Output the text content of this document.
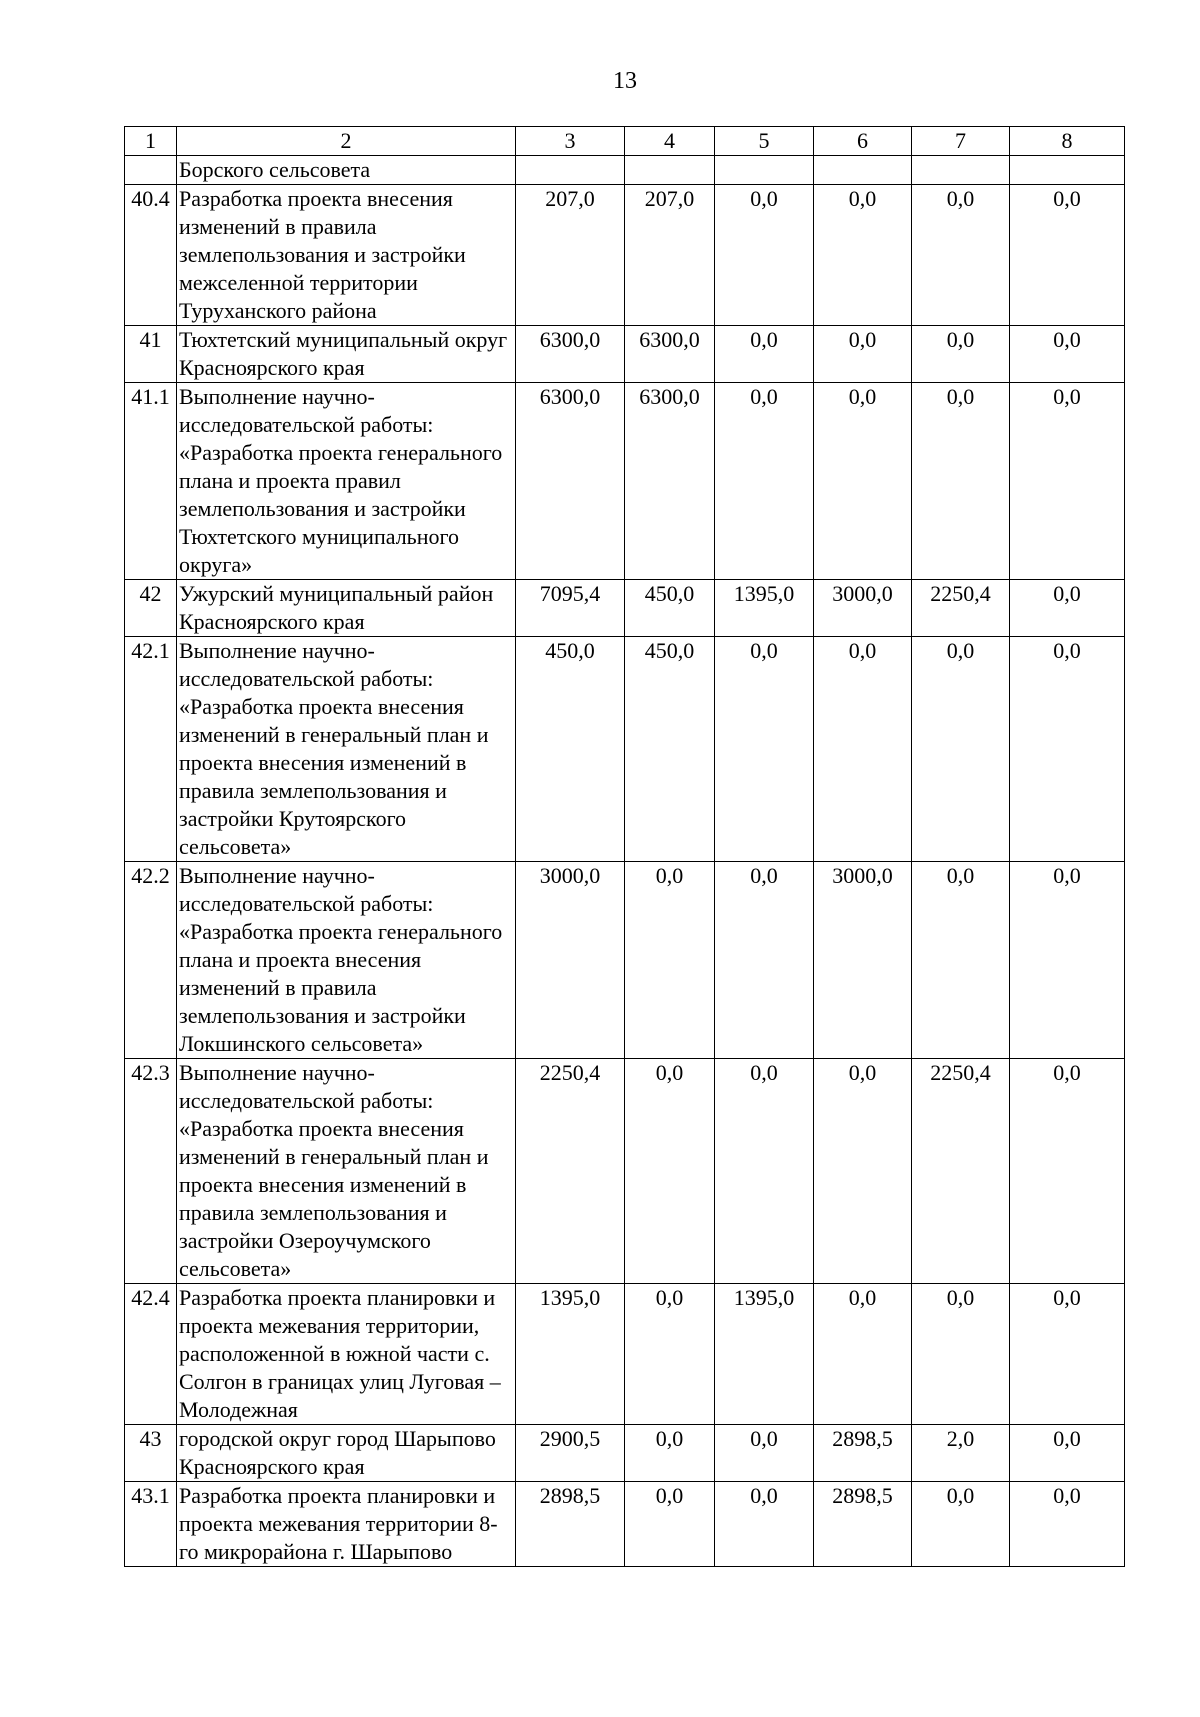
13
1	2	3	4	5	6	7	8
	Борского сельсовета						
40.4	Разработка проекта внесения изменений в правила землепользования и застройки межселенной территории Туруханского района	207,0	207,0	0,0	0,0	0,0	0,0
41	Тюхтетский муниципальный округ Красноярского края	6300,0	6300,0	0,0	0,0	0,0	0,0
41.1	Выполнение научно-исследовательской работы: «Разработка проекта генерального плана и проекта правил землепользования и застройки Тюхтетского муниципального округа»	6300,0	6300,0	0,0	0,0	0,0	0,0
42	Ужурский муниципальный район Красноярского края	7095,4	450,0	1395,0	3000,0	2250,4	0,0
42.1	Выполнение научно-исследовательской работы: «Разработка проекта внесения изменений в генеральный план и проекта внесения изменений в правила землепользования и застройки Крутоярского сельсовета»	450,0	450,0	0,0	0,0	0,0	0,0
42.2	Выполнение научно-исследовательской работы: «Разработка проекта генерального плана и проекта внесения изменений в правила землепользования и застройки Локшинского сельсовета»	3000,0	0,0	0,0	3000,0	0,0	0,0
42.3	Выполнение научно-исследовательской работы: «Разработка проекта внесения изменений в генеральный план и проекта внесения изменений в правила землепользования и застройки Озероучумского сельсовета»	2250,4	0,0	0,0	0,0	2250,4	0,0
42.4	Разработка проекта планировки и проекта межевания территории, расположенной в южной части с. Солгон в границах улиц Луговая – Молодежная	1395,0	0,0	1395,0	0,0	0,0	0,0
43	городской округ город Шарыпово Красноярского края	2900,5	0,0	0,0	2898,5	2,0	0,0
43.1	Разработка проекта планировки и проекта межевания территории 8-го микрорайона г. Шарыпово	2898,5	0,0	0,0	2898,5	0,0	0,0
